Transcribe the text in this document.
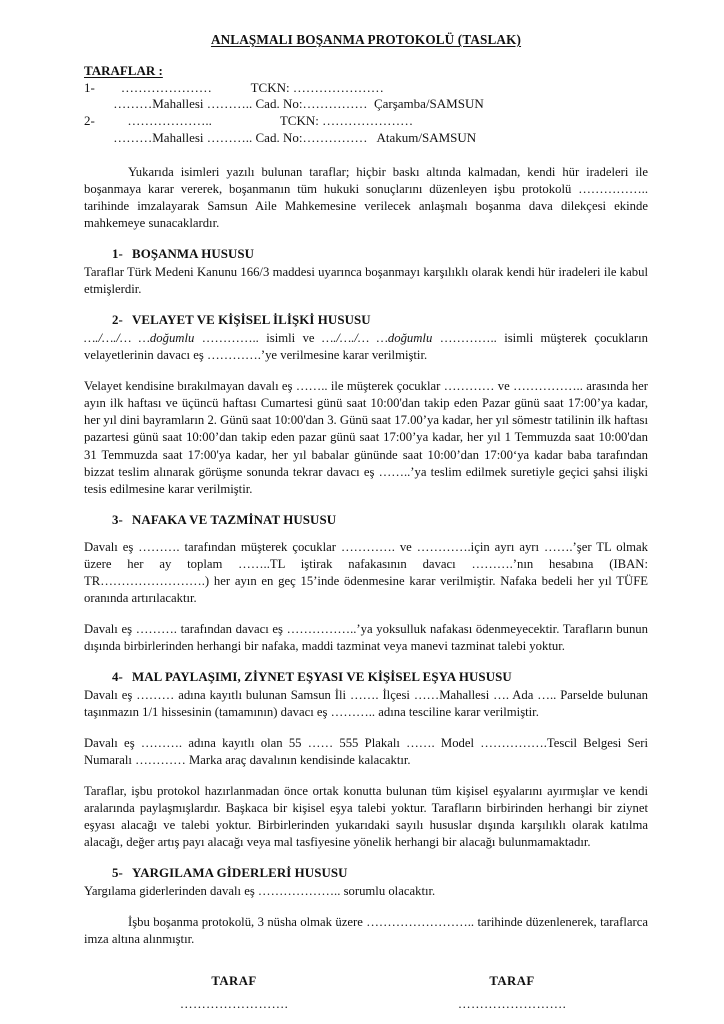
ANLAŞMALI BOŞANMA PROTOKOLÜ (TASLAK)
TARAFLAR :
1-        …………………            TCKN: …………………
………Mahallesi ……….. Cad. No:……………  Çarşamba/SAMSUN
2-          ………………..                     TCKN: …………………
………Mahallesi ……….. Cad. No:……………   Atakum/SAMSUN

Yukarıda isimleri yazılı bulunan taraflar; hiçbir baskı altında kalmadan, kendi hür iradeleri ile boşanmaya karar vererek, boşanmanın tüm hukuki sonuçlarını düzenleyen işbu protokolü …………….. tarihinde imzalayarak Samsun Aile Mahkemesine verilecek anlaşmalı boşanma dava dilekçesi ekinde mahkemeye sunacaklardır.

1- BOŞANMA HUSUSU

Taraflar Türk Medeni Kanunu 166/3 maddesi uyarınca boşanmayı karşılıklı olarak kendi hür iradeleri ile kabul etmişlerdir.

2- VELAYET VE KİŞİSEL İLİŞKİ HUSUSU

…./…./… …doğumlu ………….. isimli ve …./…./… …doğumlu ………….. isimli müşterek çocukların velayetlerinin davacı eş ………….’ye verilmesine karar verilmiştir.

Velayet kendisine bırakılmayan davalı eş …….. ile müşterek çocuklar ………… ve …………….. arasında her ayın ilk haftası ve üçüncü haftası Cumartesi günü saat 10:00'dan takip eden Pazar günü saat 17:00’ya kadar, her yıl dini bayramların 2. Günü saat 10:00'dan 3. Günü saat 17.00’ya kadar, her yıl sömestr tatilinin ilk haftası pazartesi günü saat 10:00’dan takip eden pazar günü saat 17:00’ya kadar, her yıl 1 Temmuzda saat 10:00'dan 31 Temmuzda saat 17:00'ya kadar, her yıl babalar gününde saat 10:00’dan 17:00‘ya kadar baba tarafından bizzat teslim alınarak görüşme sonunda tekrar davacı eş ……..’ya teslim edilmek suretiyle geçici şahsi ilişki tesis edilmesine karar verilmiştir.

3- NAFAKA VE TAZMİNAT HUSUSU

Davalı eş ………. tarafından müşterek çocuklar …………. ve ………….için ayrı ayrı …….’şer TL olmak üzere her ay toplam ……..TL iştirak nafakasının davacı ……….’nın hesabına (IBAN: TR…………………….) her ayın en geç 15’inde ödenmesine karar verilmiştir. Nafaka bedeli her yıl TÜFE oranında artırılacaktır.

Davalı eş ………. tarafından davacı eş ……………..’ya yoksulluk nafakası ödenmeyecektir. Tarafların bunun dışında birbirlerinden herhangi bir nafaka, maddi tazminat veya manevi tazminat talebi yoktur.

4- MAL PAYLAŞIMI, ZİYNET EŞYASI VE KİŞİSEL EŞYA HUSUSU

Davalı eş ……… adına kayıtlı bulunan Samsun İli ……. İlçesi ……Mahallesi …. Ada ….. Parselde bulunan taşınmazın 1/1 hissesinin (tamamının) davacı eş ……….. adına tesciline karar verilmiştir.

Davalı eş ………. adına kayıtlı olan 55 …… 555 Plakalı ……. Model …………….Tescil Belgesi Seri Numaralı ………… Marka araç davalının kendisinde kalacaktır.

Taraflar, işbu protokol hazırlanmadan önce ortak konutta bulunan tüm kişisel eşyalarını ayırmışlar ve kendi aralarında paylaşmışlardır. Başkaca bir kişisel eşya talebi yoktur. Tarafların birbirinden herhangi bir ziynet eşyası alacağı ve talebi yoktur. Birbirlerinden yukarıdaki sayılı hususlar dışında karşılıklı olarak katılma alacağı, değer artış payı alacağı veya mal tasfiyesine yönelik herhangi bir alacağı bulunmamaktadır.

5- YARGILAMA GİDERLERİ HUSUSU

Yargılama giderlerinden davalı eş ……………….. sorumlu olacaktır.

İşbu boşanma protokolü, 3 nüsha olmak üzere …………………….. tarihinde düzenlenerek, taraflarca imza altına alınmıştır.

TARAF
…………………….
TARAF
…………………….
